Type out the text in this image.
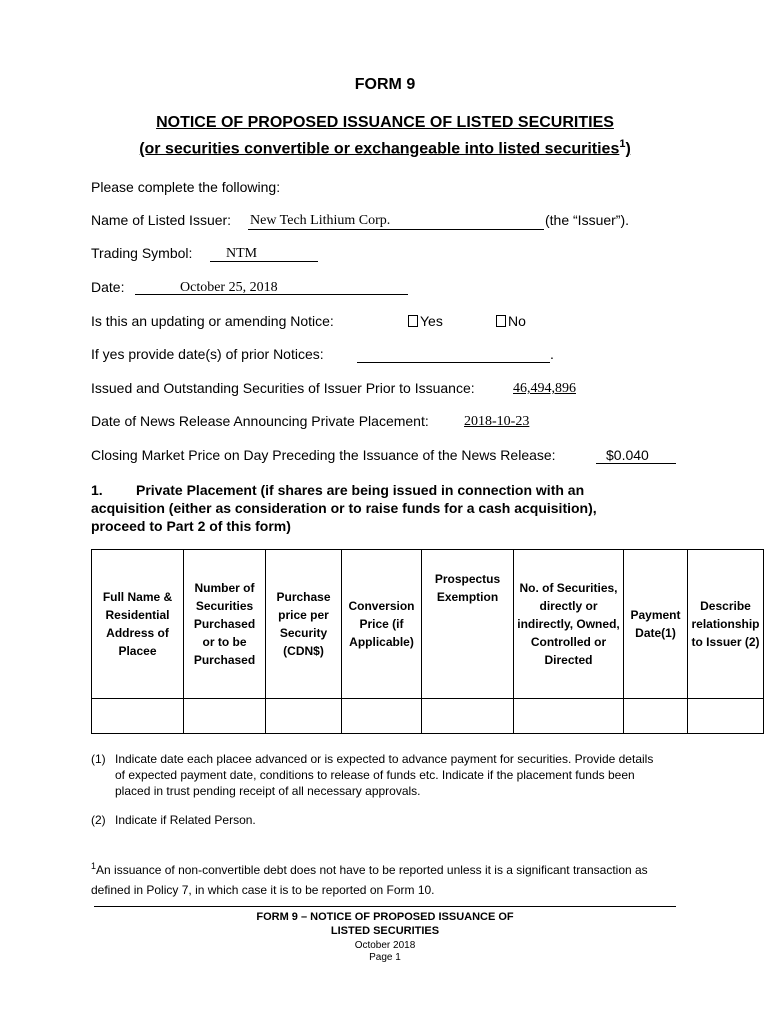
FORM 9
NOTICE OF PROPOSED ISSUANCE OF LISTED SECURITIES
(or securities convertible or exchangeable into listed securities$^1$)
Please complete the following:
Name of Listed Issuer: New Tech Lithium Corp.	(the “Issuer”).
Trading Symbol: NTM
Date:	October 25, 2018
Is this an updating or amending Notice:	Yes	No
If yes provide date(s) of prior Notices:	.
Issued and Outstanding Securities of Issuer Prior to Issuance:	46,494,896
Date of News Release Announcing Private Placement:	2018-10-23
Closing Market Price on Day Preceding the Issuance of the News Release:	$0.040
1. Private Placement (if shares are being issued in connection with an
acquisition (either as consideration or to raise funds for a cash acquisition),
proceed to Part 2 of this form)
Full Name & Residential Address of Placee	Number of Securities Purchased or to be Purchased	Purchase price per Security (CDN$)	Conversion Price (if Applicable)	Prospectus Exemption	No. of Securities, directly or indirectly, Owned, Controlled or Directed	Payment Date(1)	Describe relationship to Issuer (2)

(1) Indicate date each placee advanced or is expected to advance payment for securities. Provide details
of expected payment date, conditions to release of funds etc. Indicate if the placement funds been
placed in trust pending receipt of all necessary approvals.
(2) Indicate if Related Person.
$^1$An issuance of non-convertible debt does not have to be reported unless it is a significant transaction as
defined in Policy 7, in which case it is to be reported on Form 10.
FORM 9 – NOTICE OF PROPOSED ISSUANCE OF
LISTED SECURITIES
October 2018
Page 1
